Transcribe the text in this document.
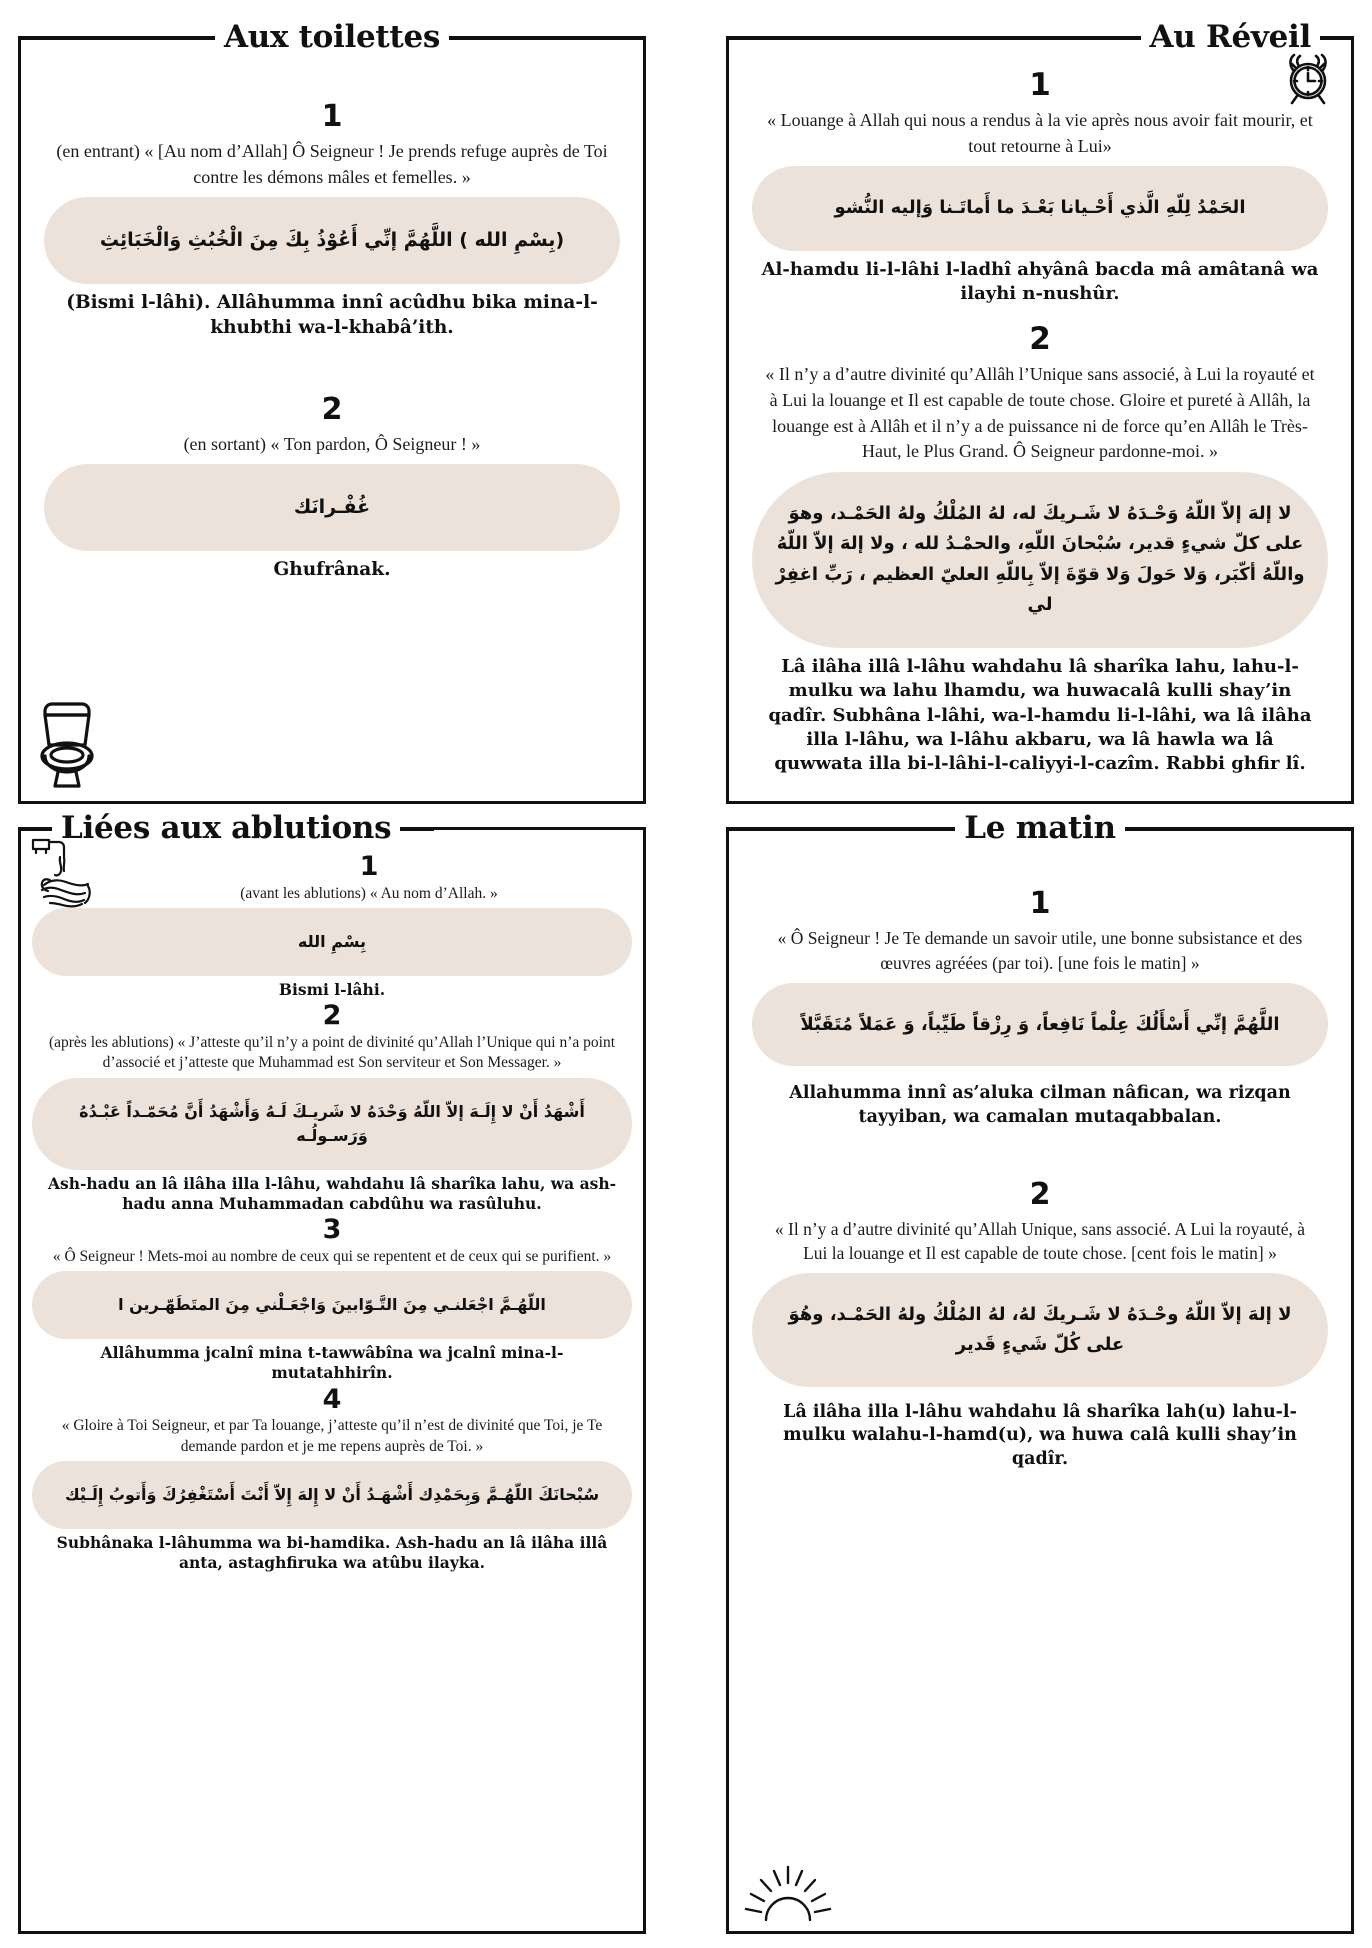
Aux toilettes
1

(en entrant) « [Au nom d’Allah] Ô Seigneur ! Je prends refuge auprès de Toi contre les démons mâles et femelles. »

(بِسْمِ الله ) اللَّهُمَّ إنِّي أَعُوْذُ بِكَ مِنَ الْخُبُثِ وَالْخَبَائِثِ

(Bismi l-lâhi). Allâhumma innî acûdhu bika mina-l-khubthi wa-l-khabâ’ith.

2

(en sortant) « Ton pardon, Ô Seigneur ! »

غُفْـرانَك

Ghufrânak.

Au Réveil
1

« Louange à Allah qui nous a rendus à la vie après nous avoir fait mourir, et tout retourne à Lui»

الحَمْدُ لِلّهِ الَّذي أَحْـيانا بَعْـدَ ما أَماتَـنا وَإليه النُّشو

Al-hamdu li-l-lâhi l-ladhî ahyânâ bacda mâ amâtanâ wa ilayhi n-nushûr.

2

« Il n’y a d’autre divinité qu’Allâh l’Unique sans associé, à Lui la royauté et à Lui la louange et Il est capable de toute chose. Gloire et pureté à Allâh, la louange est à Allâh et il n’y a de puissance ni de force qu’en Allâh le Très-Haut, le Plus Grand. Ô Seigneur pardonne-moi. »

لا إلهَ إلاّ اللّهُ وَحْـدَهُ لا شَـريكَ له، لهُ المُلْكُ ولهُ الحَمْـد، وهوَ على كلّ شيءٍ قدير، سُبْحانَ اللّهِ، والحمْـدُ لله ، ولا إلهَ إلاّ اللّهُ واللّهُ أكّبَر، وَلا حَولَ وَلا قوّةَ إلاّ بِاللّهِ العليّ العظيم ، رَبِّ اغفِرْ لي

Lâ ilâha illâ l-lâhu wahdahu lâ sharîka lahu, lahu-l-mulku wa lahu lhamdu, wa huwacalâ kulli shay’in qadîr. Subhâna l-lâhi, wa-l-hamdu li-l-lâhi, wa lâ ilâha illa l-lâhu, wa l-lâhu akbaru, wa lâ hawla wa lâ quwwata illa bi-l-lâhi-l-caliyyi-l-cazîm. Rabbi ghfir lî.

Liées aux ablutions
1

(avant les ablutions) « Au nom d’Allah. »

بِسْمِ الله

Bismi l-lâhi.

2

(après les ablutions) « J’atteste qu’il n’y a point de divinité qu’Allah l’Unique qui n’a point d’associé et j’atteste que Muhammad est Son serviteur et Son Messager. »

أَشْهَدُ أَنْ لا إِلَـهَ إلاّ اللّهُ وَحْدَهُ لا شَريـكَ لَـهُ وَأَشْهَدُ أَنَّ مُحَمّـداً عَبْـدُهُ وَرَسـولُـه

Ash-hadu an lâ ilâha illa l-lâhu, wahdahu lâ sharîka lahu, wa ash-hadu anna Muhammadan cabdûhu wa rasûluhu.

3

« Ô Seigneur ! Mets-moi au nombre de ceux qui se repentent et de ceux qui se purifient. »

اللّهُـمَّ اجْعَلنـي مِنَ التَّـوّابينَ وَاجْعَـلْني مِنَ المتَطَهّـرين ا

Allâhumma jcalnî mina t-tawwâbîna wa jcalnî mina-l-mutatahhirîn.

4

« Gloire à Toi Seigneur, et par Ta louange, j’atteste qu’il n’est de divinité que Toi, je Te demande pardon et je me repens auprès de Toi. »

سُبْحانَكَ اللّهُـمَّ وَبِحَمْدِك أَشْهَـدُ أَنْ لا إِلهَ إِلاّ أَنْتَ أَسْتَغْفِرُكَ وَأَتوبُ إِلَـيْك

Subhânaka l-lâhumma wa bi-hamdika. Ash-hadu an lâ ilâha illâ anta, astaghfiruka wa atûbu ilayka.

Le matin
1

« Ô Seigneur ! Je Te demande un savoir utile, une bonne subsistance et des œuvres agréées (par toi). [une fois le matin] »

اللَّهُمَّ إنِّي أَسْأَلُكَ عِلْماً نَافِعاً، وَ رِزْقاً طَيِّباً، وَ عَمَلاً مُتَقَبَّلاً

Allahumma innî as’aluka cilman nâfican, wa rizqan tayyiban, wa camalan mutaqabbalan.

2

« Il n’y a d’autre divinité qu’Allah Unique, sans associé. A Lui la royauté, à Lui la louange et Il est capable de toute chose. [cent fois le matin] »

لا إلهَ إلاّ اللّهُ وحْـدَهُ لا شَـريكَ لهُ، لهُ المُلْكُ ولهُ الحَمْـد، وهُوَ على كُلّ شَيءٍ قَدير

Lâ ilâha illa l-lâhu wahdahu lâ sharîka lah(u) lahu-l-mulku walahu-l-hamd(u), wa huwa calâ kulli shay’in qadîr.
